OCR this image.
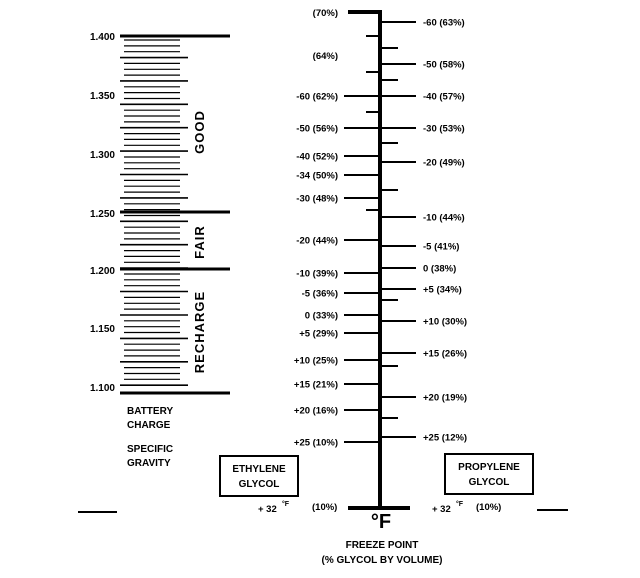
1.400
1.350
1.300
1.250
1.200
1.150
1.100
GOOD
FAIR
RECHARGE
BATTERY
CHARGE
SPECIFIC
GRAVITY
(70%)
(64%)
-60 (62%)
-50 (56%)
-40 (52%)
-34 (50%)
-30 (48%)
-20 (44%)
-10 (39%)
-5 (36%)
0 (33%)
+5 (29%)
+10 (25%)
+15 (21%)
+20 (16%)
+25 (10%)
-60 (63%)
-50 (58%)
-40 (57%)
-30 (53%)
-20 (49%)
-10 (44%)
-5 (41%)
0 (38%)
+5 (34%)
+10 (30%)
+15 (26%)
+20 (19%)
+25 (12%)
°F
FREEZE POINT
(% GLYCOL BY VOLUME)
+ 32 °F (10%)	+ 32 °F (10%)
ETHYLENE
GLYCOL
PROPYLENE
GLYCOL
